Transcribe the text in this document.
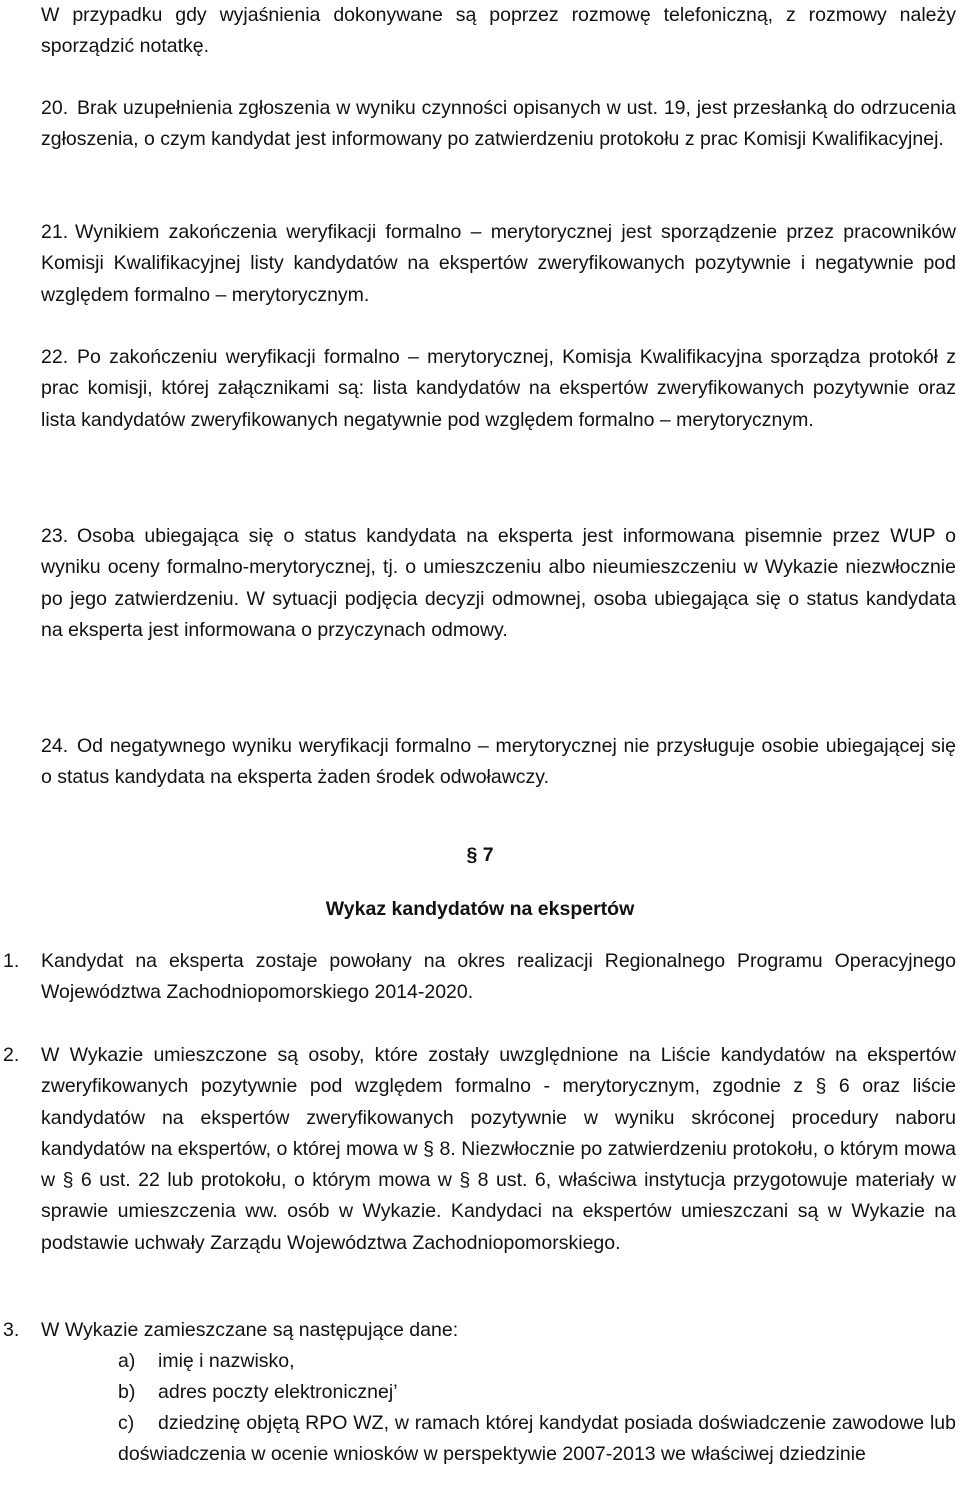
W przypadku gdy wyjaśnienia dokonywane są poprzez rozmowę telefoniczną, z rozmowy należy sporządzić notatkę.

20. Brak uzupełnienia zgłoszenia w wyniku czynności opisanych w ust. 19, jest przesłanką do odrzucenia zgłoszenia, o czym kandydat jest informowany po zatwierdzeniu protokołu z prac Komisji Kwalifikacyjnej.

21. Wynikiem zakończenia weryfikacji formalno – merytorycznej jest sporządzenie przez pracowników Komisji Kwalifikacyjnej listy kandydatów na ekspertów zweryfikowanych pozytywnie i negatywnie pod względem formalno – merytorycznym.

22. Po zakończeniu weryfikacji formalno – merytorycznej, Komisja Kwalifikacyjna sporządza protokół z prac komisji, której załącznikami są: lista kandydatów na ekspertów zweryfikowanych pozytywnie oraz lista kandydatów zweryfikowanych negatywnie pod względem formalno – merytorycznym.

23. Osoba ubiegająca się o status kandydata na eksperta jest informowana pisemnie przez WUP o wyniku oceny formalno-merytorycznej, tj. o umieszczeniu albo nieumieszczeniu w Wykazie niezwłocznie po jego zatwierdzeniu. W sytuacji podjęcia decyzji odmownej, osoba ubiegająca się o status kandydata na eksperta jest informowana o przyczynach odmowy.

24. Od negatywnego wyniku weryfikacji formalno – merytorycznej nie przysługuje osobie ubiegającej się o status kandydata na eksperta żaden środek odwoławczy.

§ 7

Wykaz kandydatów na ekspertów

1.	Kandydat na eksperta zostaje powołany na okres realizacji Regionalnego Programu Operacyjnego Województwa Zachodniopomorskiego 2014-2020.

2.	W Wykazie umieszczone są osoby, które zostały uwzględnione na Liście kandydatów na ekspertów zweryfikowanych pozytywnie pod względem formalno - merytorycznym, zgodnie z § 6 oraz liście kandydatów na ekspertów zweryfikowanych pozytywnie w wyniku skróconej procedury naboru kandydatów na ekspertów, o której mowa w § 8. Niezwłocznie po zatwierdzeniu protokołu, o którym mowa w § 6 ust. 22 lub protokołu, o którym mowa w § 8 ust. 6, właściwa instytucja przygotowuje materiały w sprawie umieszczenia ww. osób w Wykazie. Kandydaci na ekspertów umieszczani są w Wykazie na podstawie uchwały Zarządu Województwa Zachodniopomorskiego.

3.	W Wykazie zamieszczane są następujące dane:

a)	imię i nazwisko,

b)	adres poczty elektronicznej’

c)	dziedzinę objętą RPO WZ, w ramach której kandydat posiada doświadczenie zawodowe lub doświadczenia w ocenie wniosków w perspektywie 2007-2013 we właściwej dziedzinie
